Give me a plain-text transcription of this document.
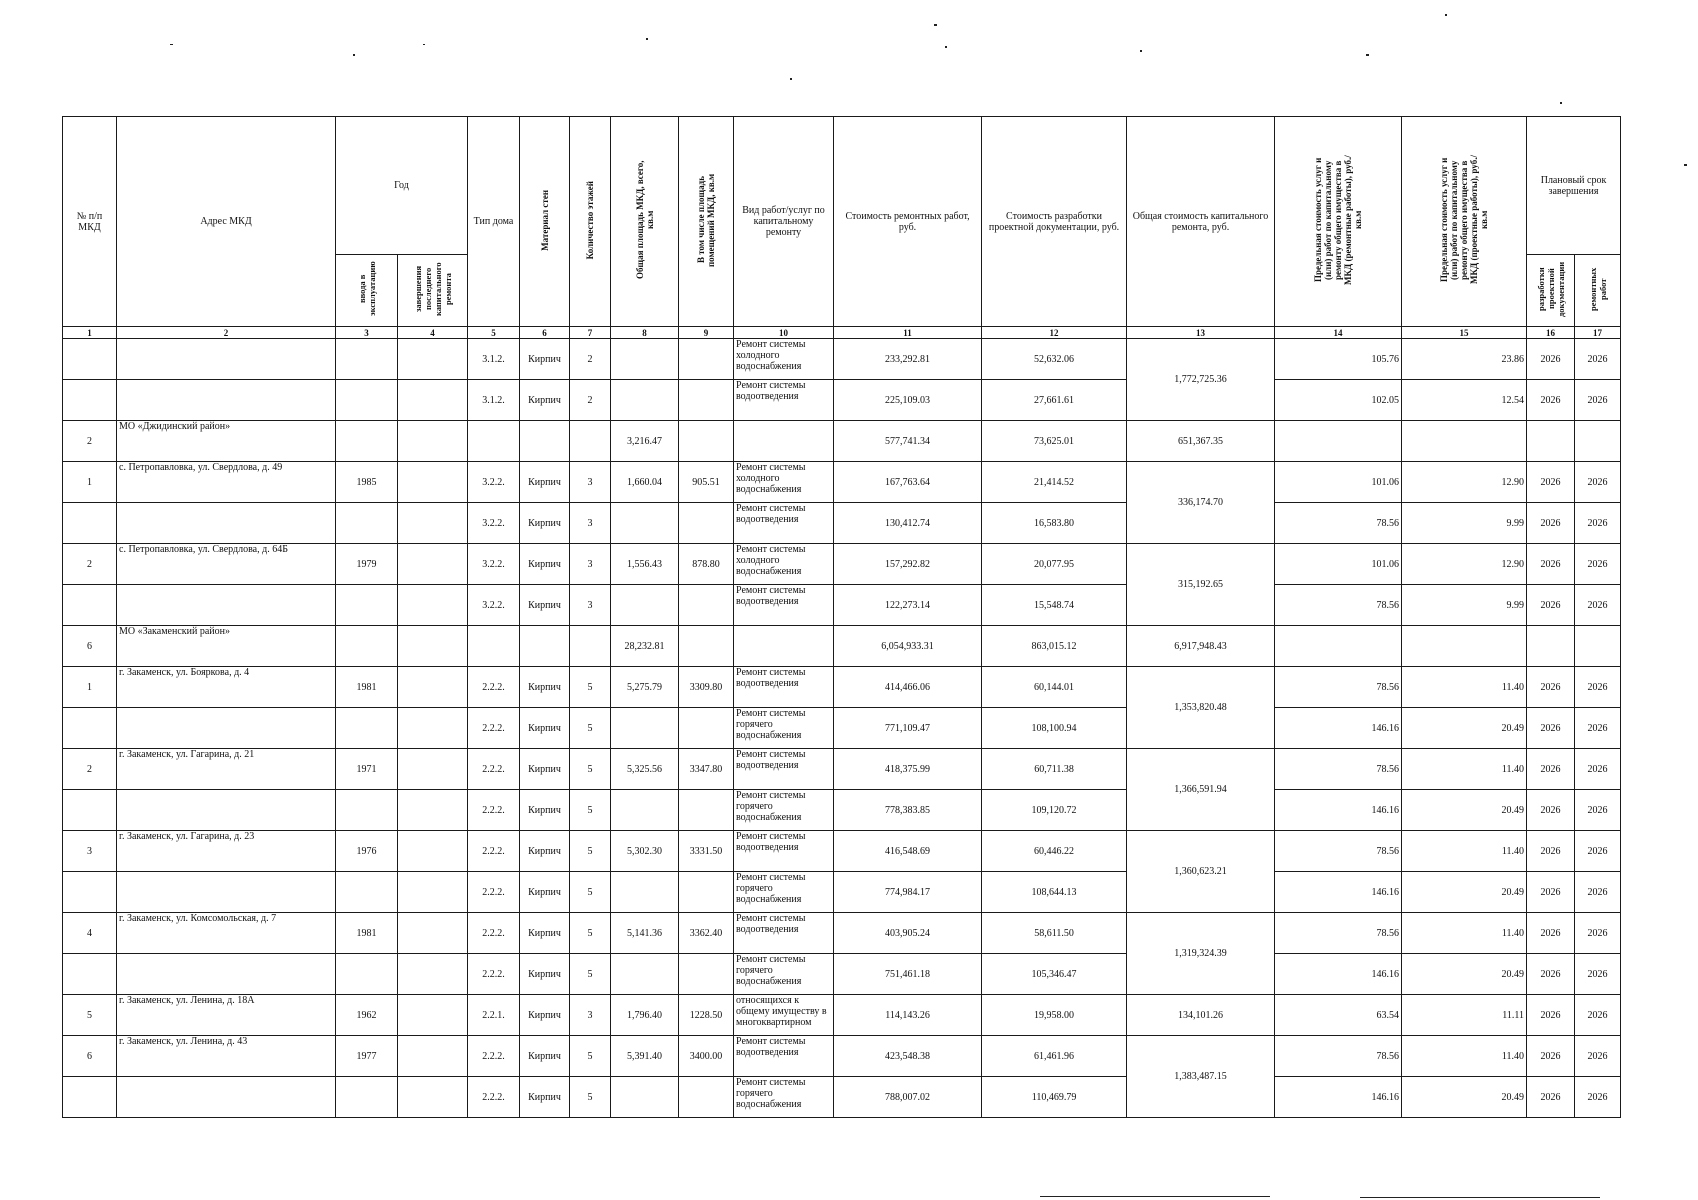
№ п/п МКД	Адрес МКД	Год		Тип дома	Материал стен	Количество этажей	Общая площадь МКД, всего, кв.м	В том числе площадь помещений МКД, кв.м	Вид работ/услуг по капитальному ремонту	Стоимость ремонтных работ, руб.	Стоимость разработки проектной документации, руб.	Общая стоимость капитального ремонта, руб.	Предельная стоимость услуг и (или) работ по капитальному ремонту общего имущества в МКД (ремонтные работы), руб./кв.м	Предельная стоимость услуг и (или) работ по капитальному ремонту общего имущества в МКД (проектные работы), руб./кв.м	Плановый срок завершения	
		ввода в эксплуатацию	завершения последнего капитального ремонта												разработки проектной документации	ремонтных работ
1	2	3	4	5	6	7	8	9	10	11	12	13	14	15	16	17
				3.1.2.	Кирпич	2			Ремонт системы холодного водоснабжения	233,292.81	52,632.06	1,772,725.36	105.76	23.86	2026	2026
				3.1.2.	Кирпич	2			Ремонт системы водоотведения	225,109.03	27,661.61		102.05	12.54	2026	2026
2	МО «Джидинский район»						3,216.47			577,741.34	73,625.01	651,367.35				
1	с. Петропавловка, ул. Свердлова, д. 49	1985		3.2.2.	Кирпич	3	1,660.04	905.51	Ремонт системы холодного водоснабжения	167,763.64	21,414.52	336,174.70	101.06	12.90	2026	2026
				3.2.2.	Кирпич	3			Ремонт системы водоотведения	130,412.74	16,583.80		78.56	9.99	2026	2026
2	с. Петропавловка, ул. Свердлова, д. 64Б	1979		3.2.2.	Кирпич	3	1,556.43	878.80	Ремонт системы холодного водоснабжения	157,292.82	20,077.95	315,192.65	101.06	12.90	2026	2026
				3.2.2.	Кирпич	3			Ремонт системы водоотведения	122,273.14	15,548.74		78.56	9.99	2026	2026
6	МО «Закаменский район»						28,232.81			6,054,933.31	863,015.12	6,917,948.43				
1	г. Закаменск, ул. Бояркова, д. 4	1981		2.2.2.	Кирпич	5	5,275.79	3309.80	Ремонт системы водоотведения	414,466.06	60,144.01	1,353,820.48	78.56	11.40	2026	2026
				2.2.2.	Кирпич	5			Ремонт системы горячего водоснабжения	771,109.47	108,100.94		146.16	20.49	2026	2026
2	г. Закаменск, ул. Гагарина, д. 21	1971		2.2.2.	Кирпич	5	5,325.56	3347.80	Ремонт системы водоотведения	418,375.99	60,711.38	1,366,591.94	78.56	11.40	2026	2026
				2.2.2.	Кирпич	5			Ремонт системы горячего водоснабжения	778,383.85	109,120.72		146.16	20.49	2026	2026
3	г. Закаменск, ул. Гагарина, д. 23	1976		2.2.2.	Кирпич	5	5,302.30	3331.50	Ремонт системы водоотведения	416,548.69	60,446.22	1,360,623.21	78.56	11.40	2026	2026
				2.2.2.	Кирпич	5			Ремонт системы горячего водоснабжения	774,984.17	108,644.13		146.16	20.49	2026	2026
4	г. Закаменск, ул. Комсомольская, д. 7	1981		2.2.2.	Кирпич	5	5,141.36	3362.40	Ремонт системы водоотведения	403,905.24	58,611.50	1,319,324.39	78.56	11.40	2026	2026
				2.2.2.	Кирпич	5			Ремонт системы горячего водоснабжения	751,461.18	105,346.47		146.16	20.49	2026	2026
5	г. Закаменск, ул. Ленина, д. 18А	1962		2.2.1.	Кирпич	3	1,796.40	1228.50	относящихся к общему имуществу в многоквартирном	114,143.26	19,958.00	134,101.26	63.54	11.11	2026	2026
6	г. Закаменск, ул. Ленина, д. 43	1977		2.2.2.	Кирпич	5	5,391.40	3400.00	Ремонт системы водоотведения	423,548.38	61,461.96	1,383,487.15	78.56	11.40	2026	2026
				2.2.2.	Кирпич	5			Ремонт системы горячего водоснабжения	788,007.02	110,469.79		146.16	20.49	2026	2026
